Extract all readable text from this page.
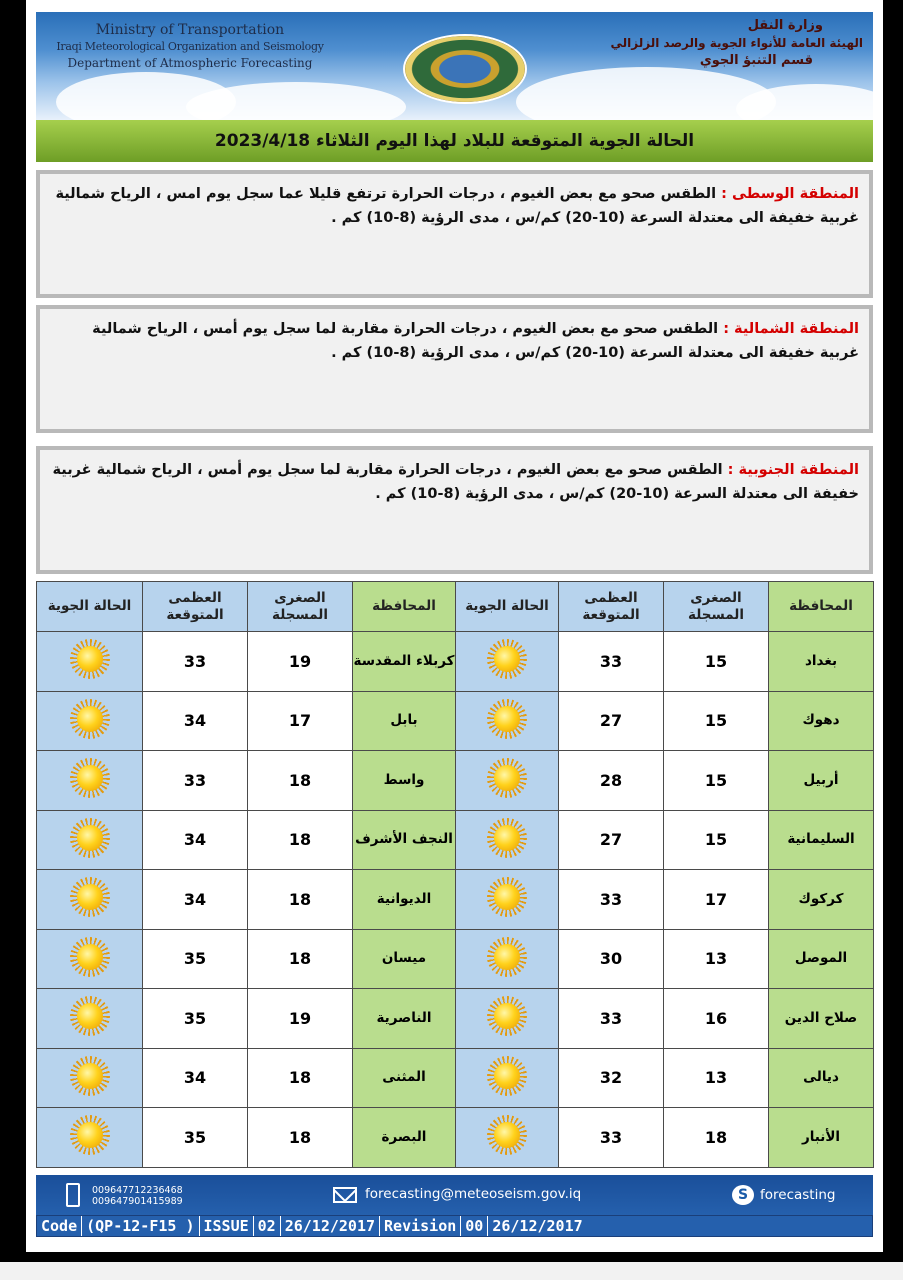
Ministry of Transportation
Iraqi Meteorological Organization and Seismology
Department of Atmospheric Forecasting
وزارة النقل
الهيئة العامة للأنواء الجوية والرصد الزلزالي
قسم التنبؤ الجوي
الحالة الجوية المتوقعة للبلاد لهذا اليوم الثلاثاء 2023/4/18
المنطقة الوسطى : الطقس صحو مع بعض الغيوم ، درجات الحرارة ترتفع قليلا عما سجل يوم امس ، الرياح شمالية غربية خفيفة الى معتدلة السرعة (10-20) كم/س ، مدى الرؤية (8-10) كم .
المنطقة الشمالية : الطقس صحو مع بعض الغيوم ، درجات الحرارة مقاربة لما سجل يوم أمس ، الرياح شمالية غربية خفيفة الى معتدلة السرعة (10-20) كم/س ، مدى الرؤية (8-10) كم .
المنطقة الجنوبية : الطقس صحو مع بعض الغيوم ، درجات الحرارة مقاربة لما سجل يوم أمس ، الرياح شمالية غربية خفيفة الى معتدلة السرعة (10-20) كم/س ، مدى الرؤية (8-10) كم .
المحافظة	الصغرى المسجلة	العظمى المتوقعة	الحالة الجوية	المحافظة	الصغرى المسجلة	العظمى المتوقعة	الحالة الجوية
بغداد	15	33		كربلاء المقدسة	19	33	
دهوك	15	27		بابل	17	34	
أربيل	15	28		واسط	18	33	
السليمانية	15	27		النجف الأشرف	18	34	
كركوك	17	33		الديوانية	18	34	
الموصل	13	30		ميسان	18	35	
صلاح الدين	16	33		الناصرية	19	35	
ديالى	13	32		المثنى	18	34	
الأنبار	18	33		البصرة	18	35	
009647712236468
009647901415989	forecasting@meteoseism.gov.iq	S forecasting
Code (QP-12-F15 ) ISSUE 02 26/12/2017 Revision 00 26/12/2017
